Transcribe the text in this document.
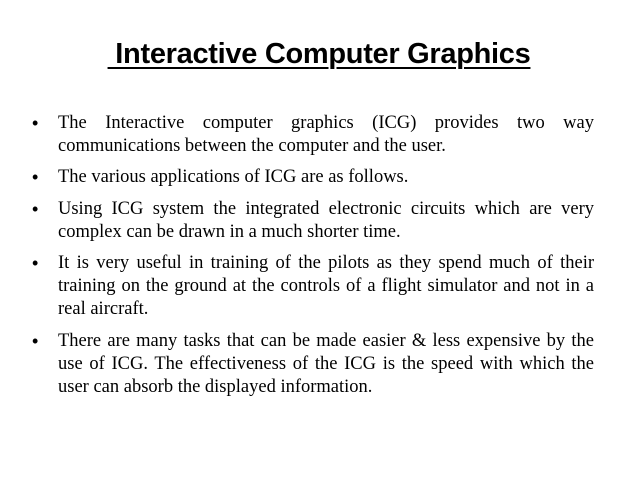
Interactive Computer Graphics
•	The Interactive computer graphics (ICG) provides two way communications between the computer and the user.
•	The various applications of ICG are as follows.
•	Using ICG system the integrated electronic circuits which are very complex can be drawn in a much shorter time.
•	It is very useful in training of the pilots as they spend much of their training on the ground at the controls of a flight simulator and not in a real aircraft.
•	There are many tasks that can be made easier & less expensive by the use of ICG. The effectiveness of the ICG is the speed with which the user can absorb the displayed information.
